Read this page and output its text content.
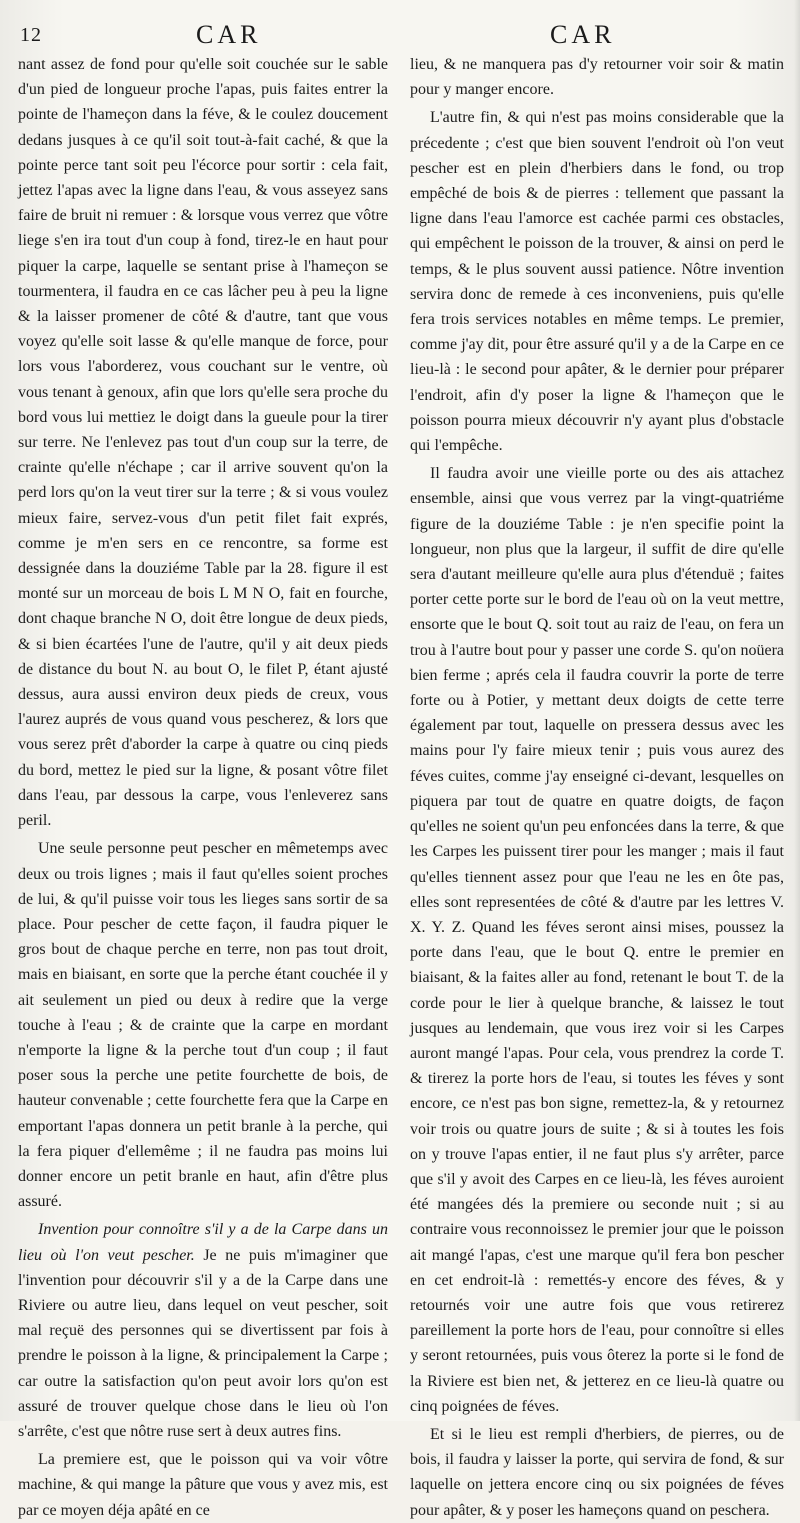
12	CAR	CAR

nant assez de fond pour qu'elle soit couchée sur le sable d'un pied de longueur proche l'apas, puis faites entrer la pointe de l'hameçon dans la féve, & le coulez doucement dedans jusques à ce qu'il soit tout-à-fait caché, & que la pointe perce tant soit peu l'écorce pour sortir : cela fait, jettez l'apas avec la ligne dans l'eau, & vous asseyez sans faire de bruit ni remuer : & lorsque vous verrez que vôtre liege s'en ira tout d'un coup à fond, tirez-le en haut pour piquer la carpe, laquelle se sentant prise à l'hameçon se tourmentera, il faudra en ce cas lâcher peu à peu la ligne & la laisser promener de côté & d'autre, tant que vous voyez qu'elle soit lasse & qu'elle manque de force, pour lors vous l'aborderez, vous couchant sur le ventre, où vous tenant à genoux, afin que lors qu'elle sera proche du bord vous lui mettiez le doigt dans la gueule pour la tirer sur terre. Ne l'enlevez pas tout d'un coup sur la terre, de crainte qu'elle n'échape ; car il arrive souvent qu'on la perd lors qu'on la veut tirer sur la terre ; & si vous voulez mieux faire, servez-vous d'un petit filet fait exprés, comme je m'en sers en ce rencontre, sa forme est dessignée dans la douziéme Table par la 28. figure il est monté sur un morceau de bois L M N O, fait en fourche, dont chaque branche N O, doit être longue de deux pieds, & si bien écartées l'une de l'autre, qu'il y ait deux pieds de distance du bout N. au bout O, le filet P, étant ajusté dessus, aura aussi environ deux pieds de creux, vous l'aurez auprés de vous quand vous pescherez, & lors que vous serez prêt d'aborder la carpe à quatre ou cinq pieds du bord, mettez le pied sur la ligne, & posant vôtre filet dans l'eau, par dessous la carpe, vous l'enleverez sans peril.

Une seule personne peut pescher en mêmetemps avec deux ou trois lignes ; mais il faut qu'elles soient proches de lui, & qu'il puisse voir tous les lieges sans sortir de sa place. Pour pescher de cette façon, il faudra piquer le gros bout de chaque perche en terre, non pas tout droit, mais en biaisant, en sorte que la perche étant couchée il y ait seulement un pied ou deux à redire que la verge touche à l'eau ; & de crainte que la carpe en mordant n'emporte la ligne & la perche tout d'un coup ; il faut poser sous la perche une petite fourchette de bois, de hauteur convenable ; cette fourchette fera que la Carpe en emportant l'apas donnera un petit branle à la perche, qui la fera piquer d'ellemême ; il ne faudra pas moins lui donner encore un petit branle en haut, afin d'être plus assuré.

Invention pour connoître s'il y a de la Carpe dans un lieu où l'on veut pescher. Je ne puis m'imaginer que l'invention pour découvrir s'il y a de la Carpe dans une Riviere ou autre lieu, dans lequel on veut pescher, soit mal reçuë des personnes qui se divertissent par fois à prendre le poisson à la ligne, & principalement la Carpe ; car outre la satisfaction qu'on peut avoir lors qu'on est assuré de trouver quelque chose dans le lieu où l'on s'arrête, c'est que nôtre ruse sert à deux autres fins.

La premiere est, que le poisson qui va voir vôtre machine, & qui mange la pâture que vous y avez mis, est par ce moyen déja apâté en ce

lieu, & ne manquera pas d'y retourner voir soir & matin pour y manger encore.

L'autre fin, & qui n'est pas moins considerable que la précedente ; c'est que bien souvent l'endroit où l'on veut pescher est en plein d'herbiers dans le fond, ou trop empêché de bois & de pierres : tellement que passant la ligne dans l'eau l'amorce est cachée parmi ces obstacles, qui empêchent le poisson de la trouver, & ainsi on perd le temps, & le plus souvent aussi patience. Nôtre invention servira donc de remede à ces inconveniens, puis qu'elle fera trois services notables en même temps. Le premier, comme j'ay dit, pour être assuré qu'il y a de la Carpe en ce lieu-là : le second pour apâter, & le dernier pour préparer l'endroit, afin d'y poser la ligne & l'hameçon que le poisson pourra mieux découvrir n'y ayant plus d'obstacle qui l'empêche.

Il faudra avoir une vieille porte ou des ais attachez ensemble, ainsi que vous verrez par la vingt-quatriéme figure de la douziéme Table : je n'en specifie point la longueur, non plus que la largeur, il suffit de dire qu'elle sera d'autant meilleure qu'elle aura plus d'étenduë ; faites porter cette porte sur le bord de l'eau où on la veut mettre, ensorte que le bout Q. soit tout au raiz de l'eau, on fera un trou à l'autre bout pour y passer une corde S. qu'on noüera bien ferme ; aprés cela il faudra couvrir la porte de terre forte ou à Potier, y mettant deux doigts de cette terre également par tout, laquelle on pressera dessus avec les mains pour l'y faire mieux tenir ; puis vous aurez des féves cuites, comme j'ay enseigné ci-devant, lesquelles on piquera par tout de quatre en quatre doigts, de façon qu'elles ne soient qu'un peu enfoncées dans la terre, & que les Carpes les puissent tirer pour les manger ; mais il faut qu'elles tiennent assez pour que l'eau ne les en ôte pas, elles sont representées de côté & d'autre par les lettres V. X. Y. Z. Quand les féves seront ainsi mises, poussez la porte dans l'eau, que le bout Q. entre le premier en biaisant, & la faites aller au fond, retenant le bout T. de la corde pour le lier à quelque branche, & laissez le tout jusques au lendemain, que vous irez voir si les Carpes auront mangé l'apas. Pour cela, vous prendrez la corde T. & tirerez la porte hors de l'eau, si toutes les féves y sont encore, ce n'est pas bon signe, remettez-la, & y retournez voir trois ou quatre jours de suite ; & si à toutes les fois on y trouve l'apas entier, il ne faut plus s'y arrêter, parce que s'il y avoit des Carpes en ce lieu-là, les féves auroient été mangées dés la premiere ou seconde nuit ; si au contraire vous reconnoissez le premier jour que le poisson ait mangé l'apas, c'est une marque qu'il fera bon pescher en cet endroit-là : remettés-y encore des féves, & y retournés voir une autre fois que vous retirerez pareillement la porte hors de l'eau, pour connoître si elles y seront retournées, puis vous ôterez la porte si le fond de la Riviere est bien net, & jetterez en ce lieu-là quatre ou cinq poignées de féves.

Et si le lieu est rempli d'herbiers, de pierres, ou de bois, il faudra y laisser la porte, qui servira de fond, & sur laquelle on jettera encore cinq ou six poignées de féves pour apâter, & y poser les hameçons quand on peschera.
